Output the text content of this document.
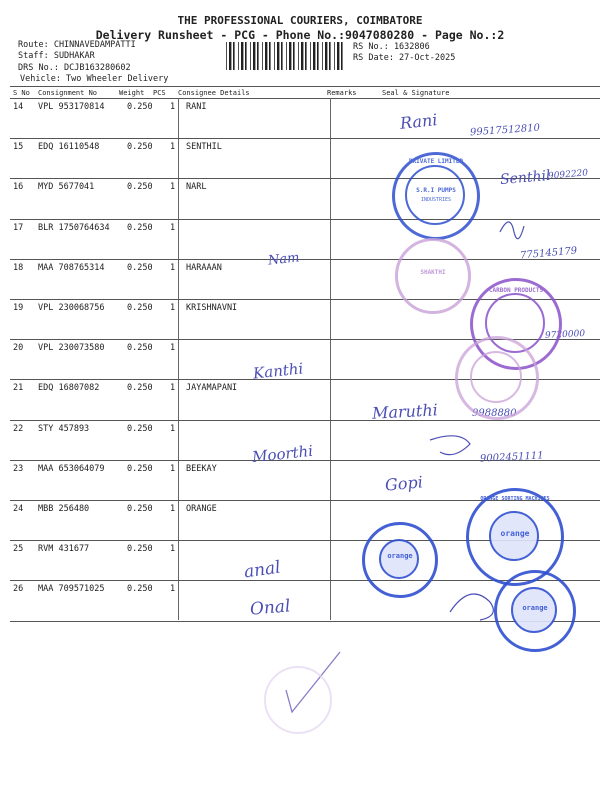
THE PROFESSIONAL COURIERS, COIMBATORE
Delivery Runsheet - PCG - Phone No.:9047080280 - Page No.:2
Route: CHINNAVEDAMPATTI
Staff: SUDHAKAR
DRS No.: DCJB163280602
Vehicle: Two Wheeler Delivery
RS No.: 1632806
RS Date: 27-Oct-2025
S No Consignment No	Weight PCS Consignee Details	Remarks	Seal & Signature
14 VPL 953170814	0.250 1 RANI
15 EDQ 16110548	0.250 1 SENTHIL
16 MYD 5677041	0.250 1 NARL
17 BLR 1750764634 0.250 1
18 MAA 708765314	0.250 1 HARAAAN
19 VPL 230068756	0.250 1 KRISHNAVNI
20 VPL 230073580	0.250 1
21 EDQ 16807082	0.250 1 JAYAMAPANI
22 STY 457893	0.250 1
23 MAA 653064079	0.250 1 BEEKAY
24 MBB 256480	0.250 1 ORANGE
25 RVM 431677	0.250 1
26 MAA 709571025	0.250 1
Rani	99517512810
Senthil
9092220
775145179
Nam
9720000
Kanthi
Maruthi	9988880
Moorthi	9002451111
Gopi
anal
Onal
PRIVATE LIMITED
S.R.I PUMPS
INDUSTRIES
SHAKTHI
CARBON PRODUCTS
ORANGE SORTING MACHINES
orange
orange
orange
